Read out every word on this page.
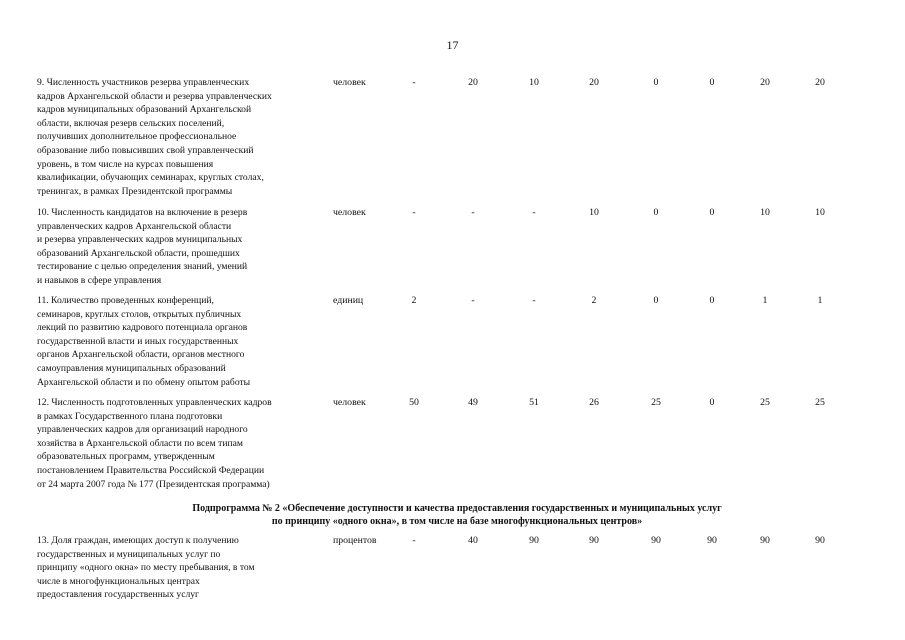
17
9. Численность участников резерва управленческих
кадров Архангельской области и резерва управленческих
кадров муниципальных образований Архангельской
области, включая резерв сельских поселений,
получивших дополнительное профессиональное
образование либо повысивших свой управленческий
уровень, в том числе на курсах повышения
квалификации, обучающих семинарах, круглых столах,
тренингах, в рамках Президентской программы
человек	-	20	10	20	0	0	20	20
10. Численность кандидатов на включение в резерв
управленческих кадров Архангельской области
и резерва управленческих кадров муниципальных
образований Архангельской области, прошедших
тестирование с целью определения знаний, умений
и навыков в сфере управления
человек	-	-	-	10	0	0	10	10
11. Количество проведенных конференций,
семинаров, круглых столов, открытых публичных
лекций по развитию кадрового потенциала органов
государственной власти и иных государственных
органов Архангельской области, органов местного
самоуправления муниципальных образований
Архангельской области и по обмену опытом работы
единиц	2	-	-	2	0	0	1	1
12. Численность подготовленных управленческих кадров
в рамках Государственного плана подготовки
управленческих кадров для организаций народного
хозяйства в Архангельской области по всем типам
образовательных программ, утвержденным
постановлением Правительства Российской Федерации
от 24 марта 2007 года № 177 (Президентская программа)
человек	50	49	51	26	25	0	25	25
Подпрограмма № 2 «Обеспечение доступности и качества предоставления государственных и муниципальных услуг
по принципу «одного окна», в том числе на базе многофункциональных центров»
13. Доля граждан, имеющих доступ к получению
государственных и муниципальных услуг по
принципу «одного окна» по месту пребывания, в том
числе в многофункциональных центрах
предоставления государственных услуг
процентов	-	40	90	90	90	90	90	90
